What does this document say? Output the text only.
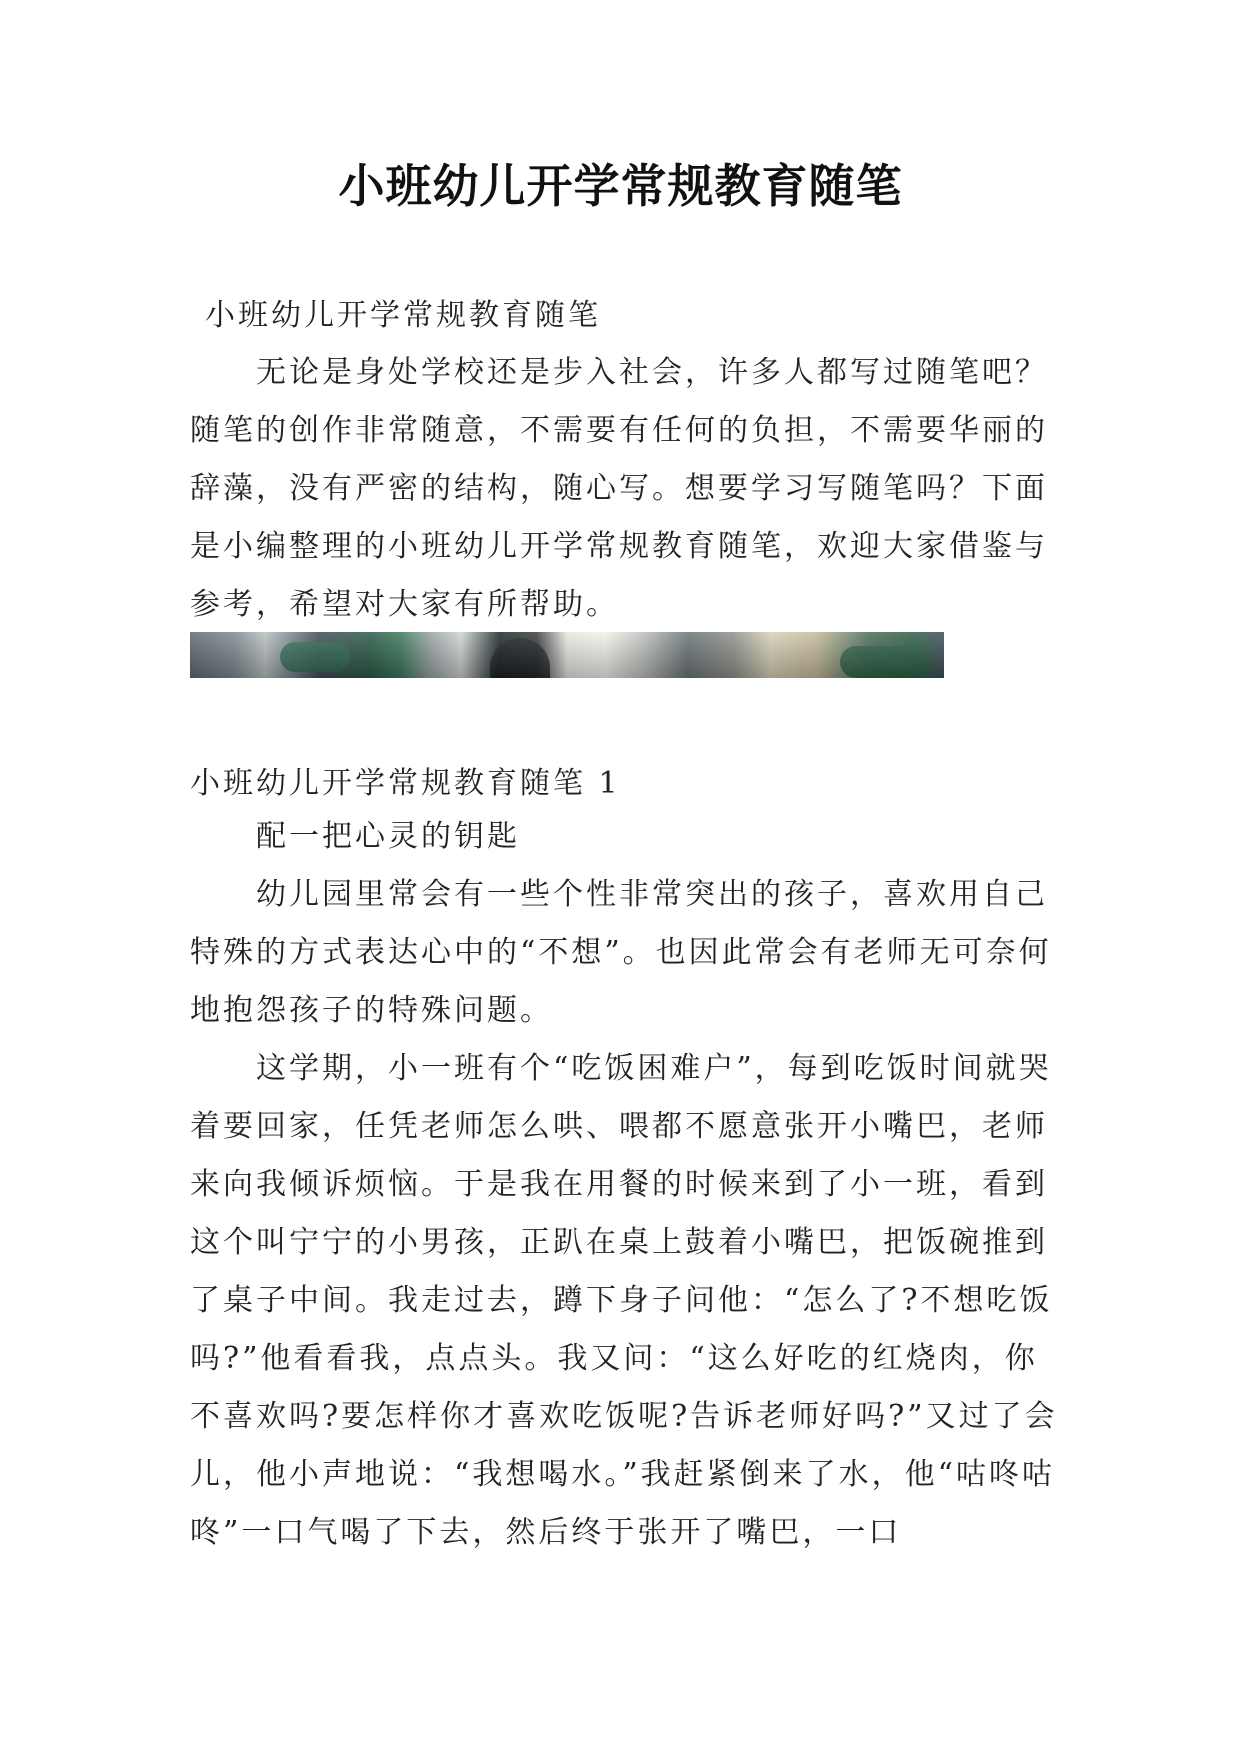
小班幼儿开学常规教育随笔
小班幼儿开学常规教育随笔

无论是身处学校还是步入社会，许多人都写过随笔吧？随笔的创作非常随意，不需要有任何的负担，不需要华丽的辞藻，没有严密的结构，随心写。想要学习写随笔吗？下面是小编整理的小班幼儿开学常规教育随笔，欢迎大家借鉴与参考，希望对大家有所帮助。

小班幼儿开学常规教育随笔 1

配一把心灵的钥匙

幼儿园里常会有一些个性非常突出的孩子，喜欢用自己特殊的方式表达心中的“不想”。也因此常会有老师无可奈何地抱怨孩子的特殊问题。

这学期，小一班有个“吃饭困难户”，每到吃饭时间就哭着要回家，任凭老师怎么哄、喂都不愿意张开小嘴巴，老师来向我倾诉烦恼。于是我在用餐的时候来到了小一班，看到这个叫宁宁的小男孩，正趴在桌上鼓着小嘴巴，把饭碗推到了桌子中间。我走过去，蹲下身子问他：“怎么了?不想吃饭吗?”他看看我，点点头。我又问：“这么好吃的红烧肉，你不喜欢吗?要怎样你才喜欢吃饭呢?告诉老师好吗?”又过了会儿，他小声地说：“我想喝水。”我赶紧倒来了水，他“咕咚咕咚”一口气喝了下去，然后终于张开了嘴巴，一口
